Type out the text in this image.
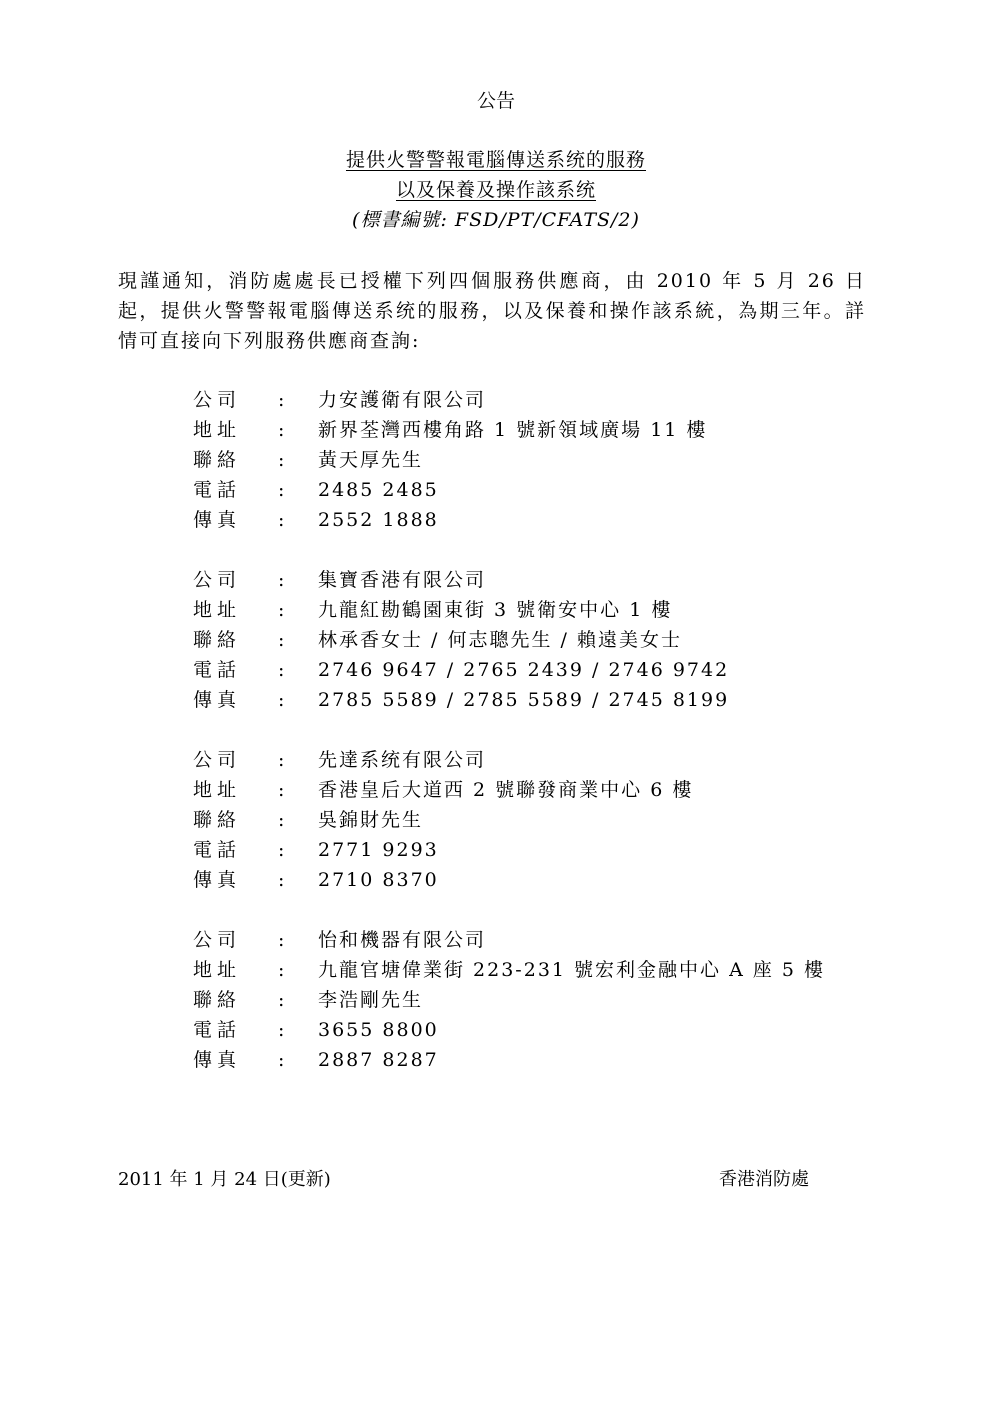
公告
提供火警警報電腦傳送系统的服務
以及保養及操作該系统
(標書編號: FSD/PT/CFATS/2)
現謹通知，消防處處長已授權下列四個服務供應商，由 2010 年 5 月 26 日起，提供火警警報電腦傳送系统的服務，以及保養和操作該系統，為期三年。詳情可直接向下列服務供應商查詢:
公司 : 力安護衛有限公司
地址 : 新界荃灣西樓角路 1 號新領域廣場 11 樓
聯絡 : 黃天厚先生
電話 : 2485 2485
傳真 : 2552 1888
公司 : 集寶香港有限公司
地址 : 九龍紅勘鶴園東街 3 號衛安中心 1 樓
聯絡 : 林承香女士 / 何志聰先生 / 賴遠美女士
電話 : 2746 9647 / 2765 2439 / 2746 9742
傳真 : 2785 5589 / 2785 5589 / 2745 8199
公司 : 先達系统有限公司
地址 : 香港皇后大道西 2 號聯發商業中心 6 樓
聯絡 : 吳錦財先生
電話 : 2771 9293
傳真 : 2710 8370
公司 : 怡和機器有限公司
地址 : 九龍官塘偉業街 223-231 號宏利金融中心 A 座 5 樓
聯絡 : 李浩剛先生
電話 : 3655 8800
傳真 : 2887 8287
2011 年 1 月 24 日(更新)	香港消防處
